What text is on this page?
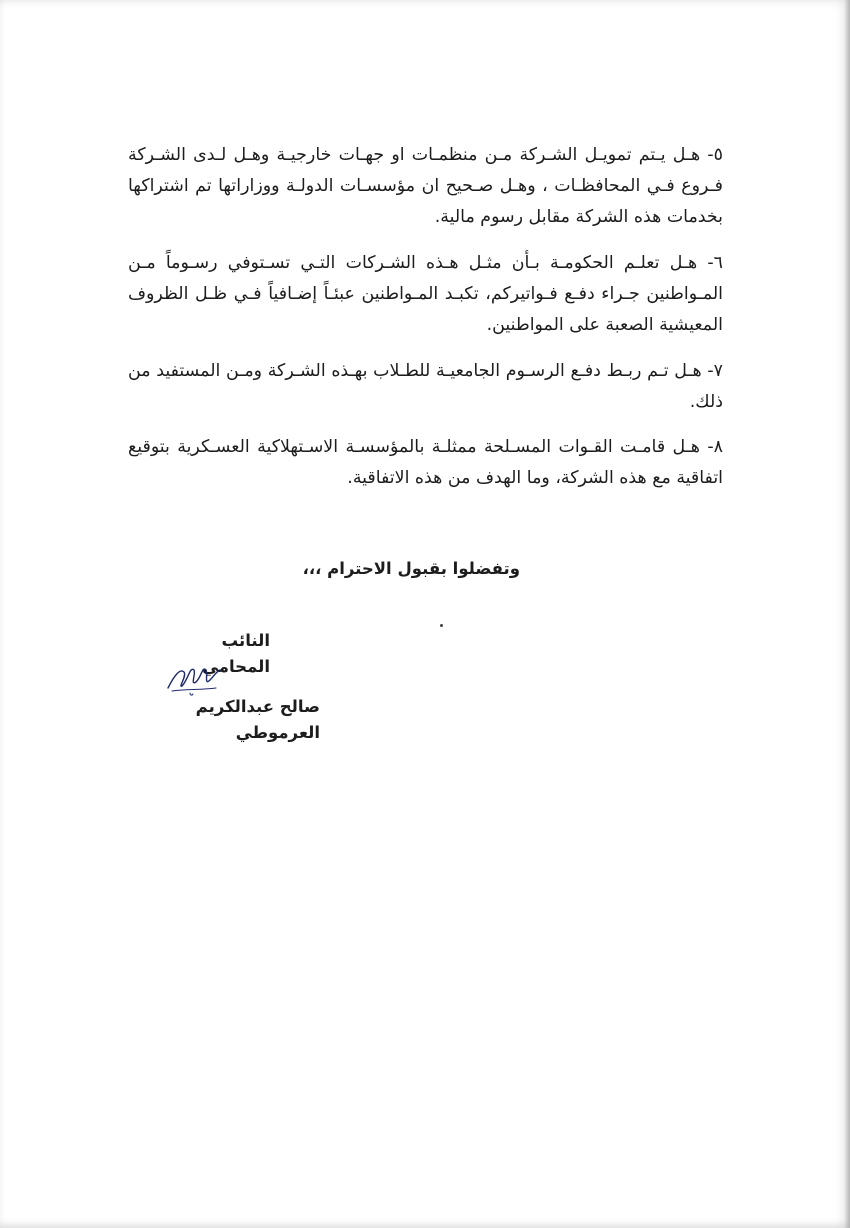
٥- هـل يـتم تمويـل الشـركة مـن منظمـات او جهـات خارجيـة وهـل لـدى الشـركة فـروع فـي المحافظـات ، وهـل صـحيح ان مؤسسـات الدولـة ووزاراتها تم اشتراكها بخدمات هذه الشركة مقابل رسوم مالية.

٦- هـل تعلـم الحكومـة بـأن مثـل هـذه الشـركات التـي تسـتوفي رسـوماً مـن المـواطنين جـراء دفـع فـواتيركم، تكبـد المـواطنين عبئـاً إضـافياً فـي ظـل الظروف المعيشية الصعبة على المواطنين.

٧- هـل تـم ربـط دفـع الرسـوم الجامعيـة للطـلاب بهـذه الشـركة ومـن المستفيد من ذلك.

٨- هـل قامـت القـوات المسـلحة ممثلـة بالمؤسسـة الاسـتهلاكية العسـكرية بتوقيع اتفاقية مع هذه الشركة، وما الهدف من هذه الاتفاقية.

وتفضلوا بقبول الاحترام ،،،
النائب المحامي
صالح عبدالكريم العرموطي
